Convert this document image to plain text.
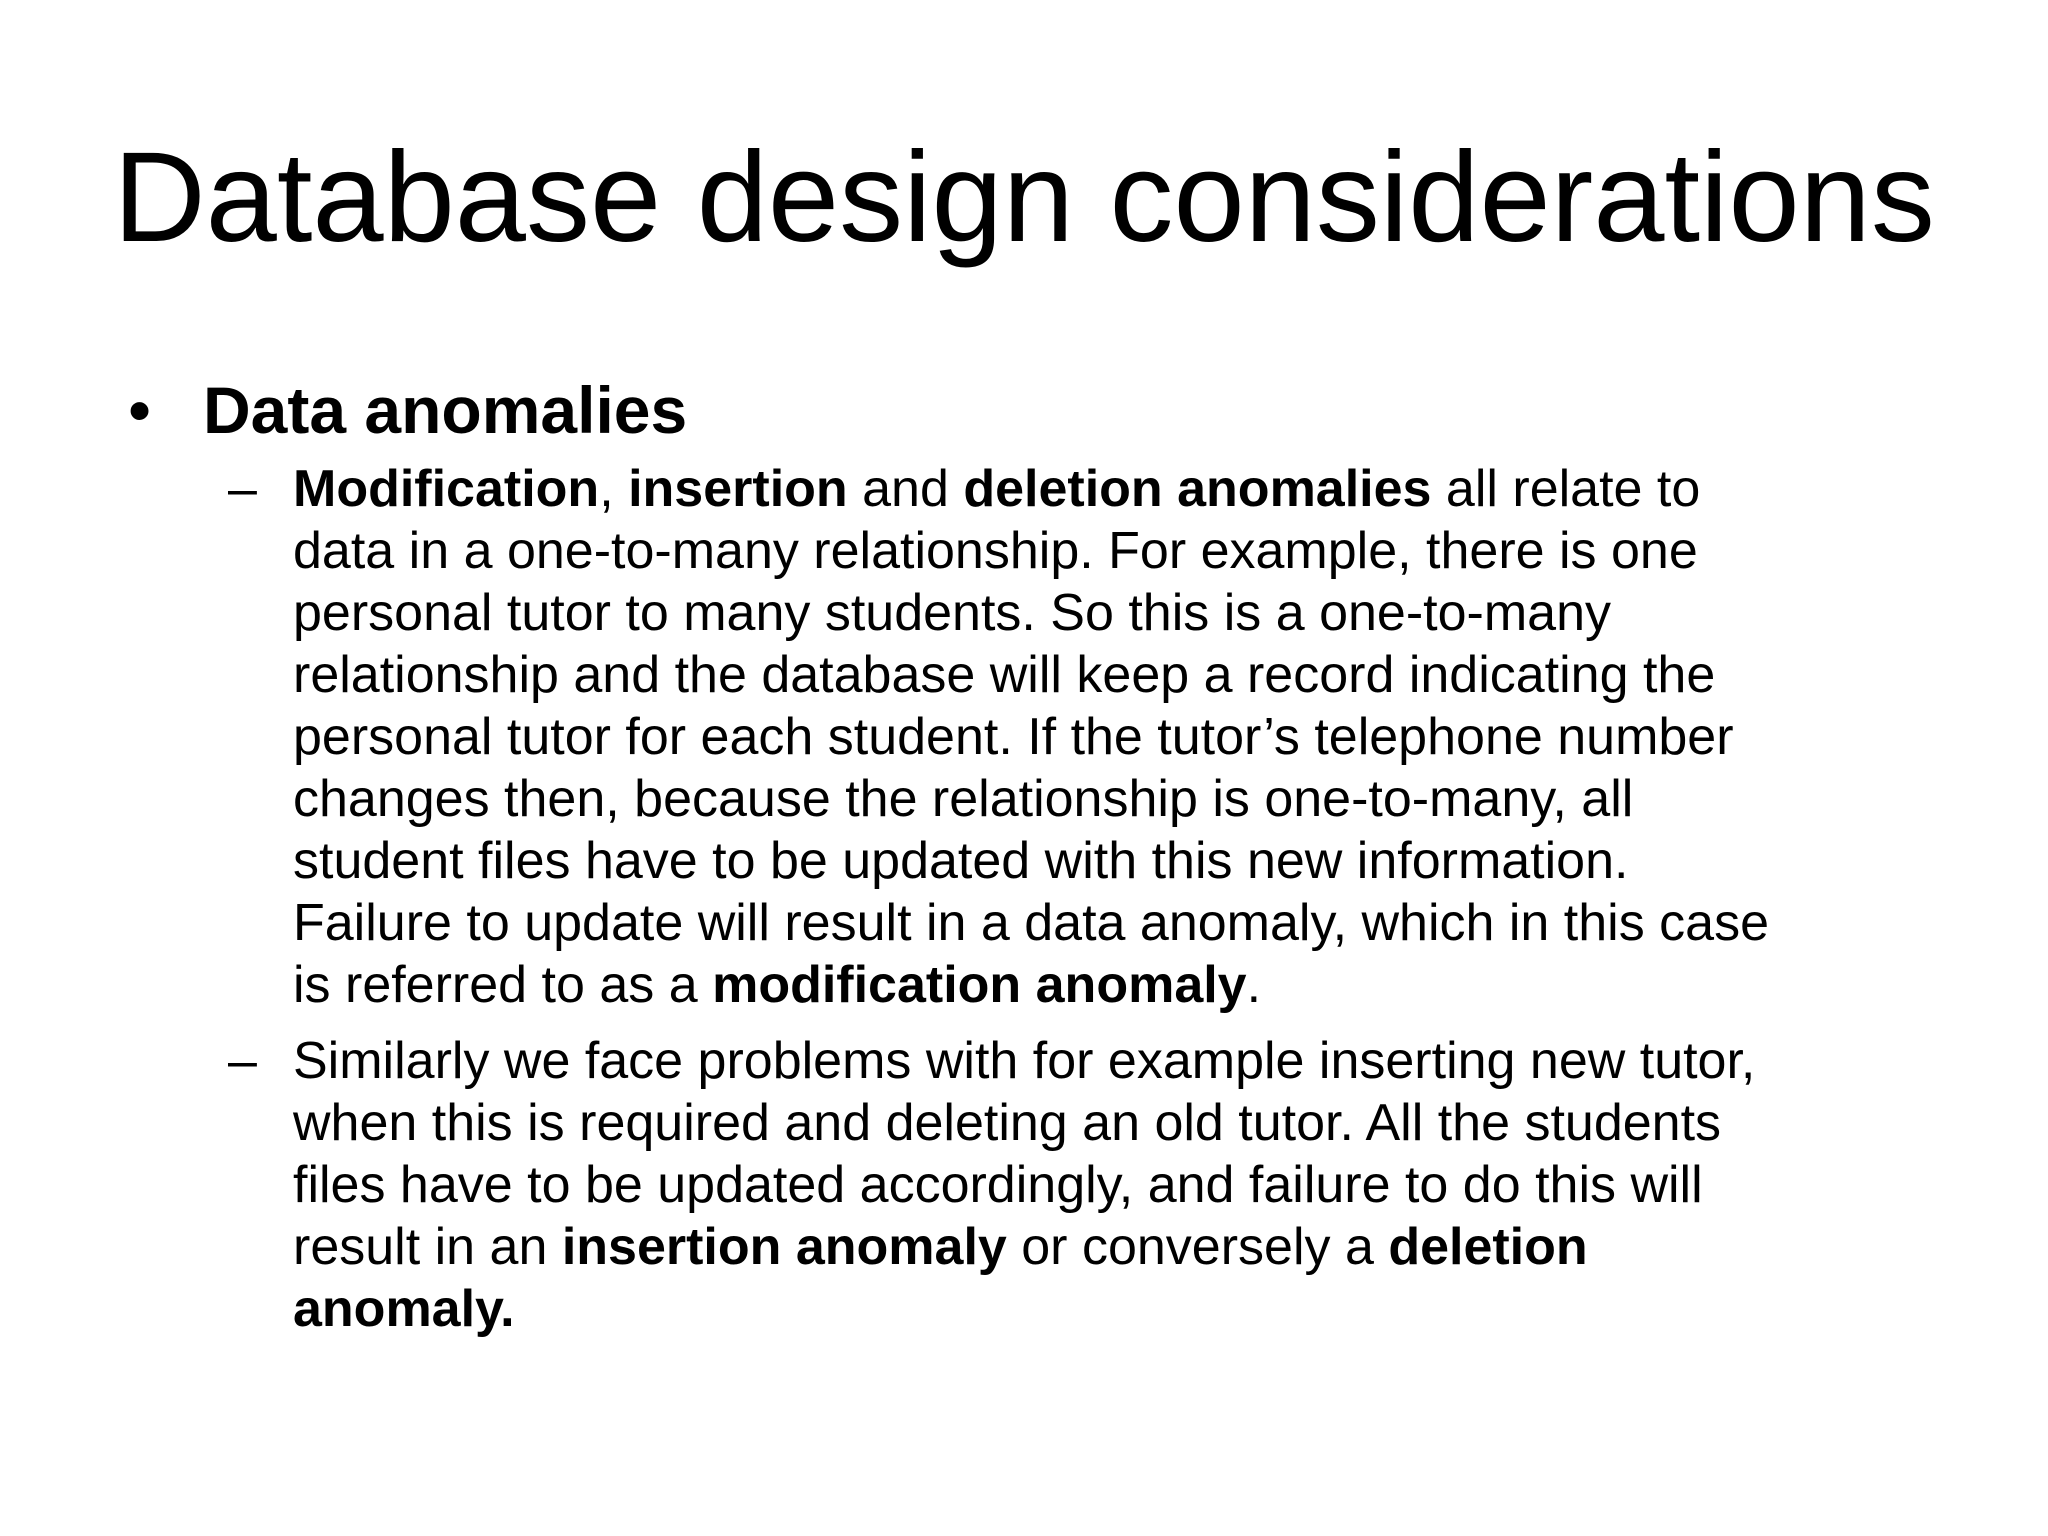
Database design considerations
• Data anomalies
– Modification, insertion and deletion anomalies all relate to
data in a one-to-many relationship. For example, there is one
personal tutor to many students. So this is a one-to-many
relationship and the database will keep a record indicating the
personal tutor for each student. If the tutor’s telephone number
changes then, because the relationship is one-to-many, all
student files have to be updated with this new information.
Failure to update will result in a data anomaly, which in this case
is referred to as a modification anomaly.
– Similarly we face problems with for example inserting new tutor,
when this is required and deleting an old tutor. All the students
files have to be updated accordingly, and failure to do this will
result in an insertion anomaly or conversely a deletion
anomaly.
